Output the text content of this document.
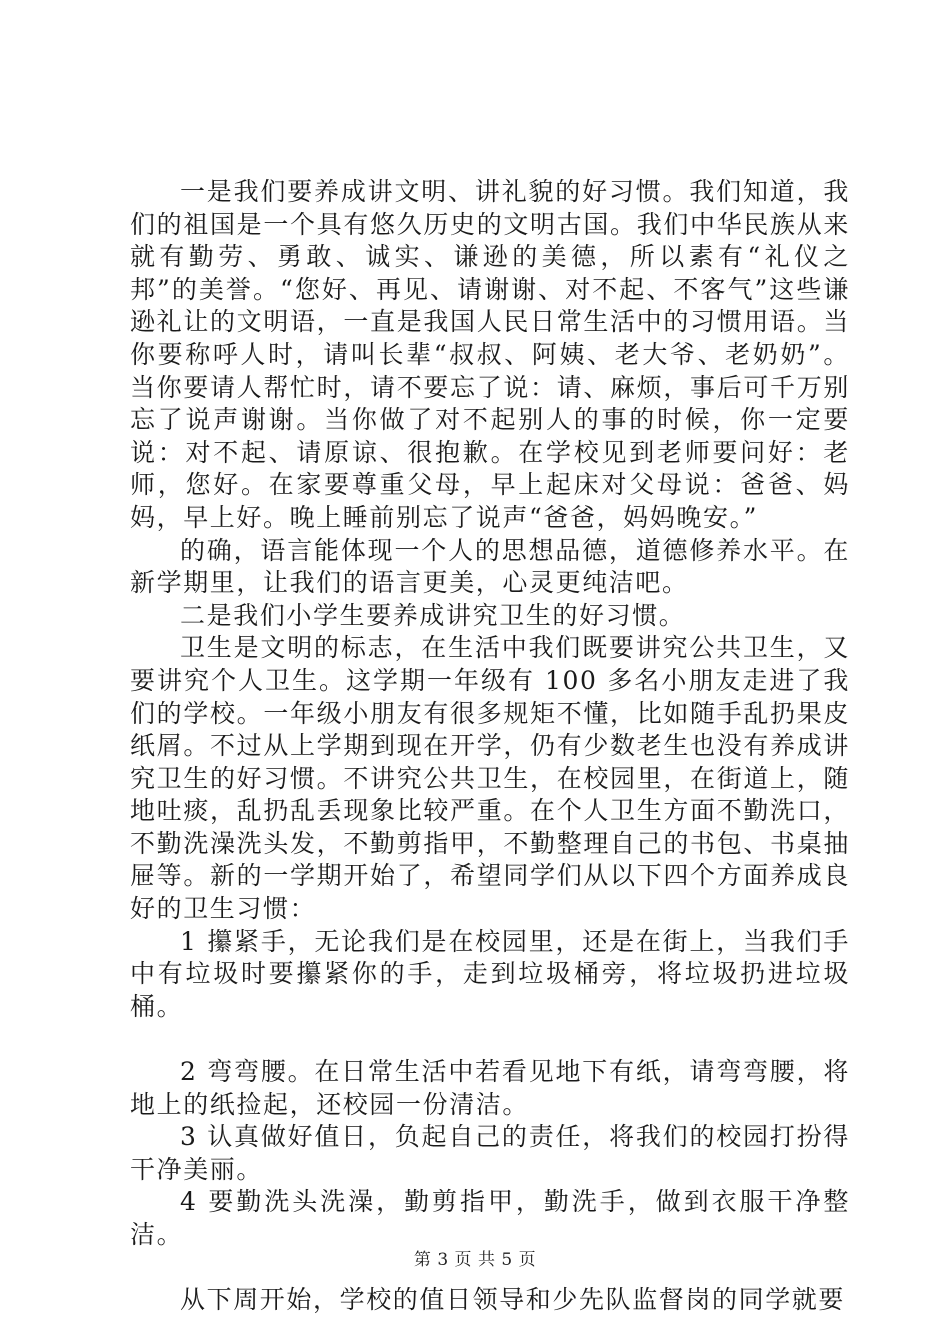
一是我们要养成讲文明、讲礼貌的好习惯。我们知道，我们的祖国是一个具有悠久历史的文明古国。我们中华民族从来就有勤劳、勇敢、诚实、谦逊的美德，所以素有“礼仪之邦”的美誉。“您好、再见、请谢谢、对不起、不客气”这些谦逊礼让的文明语，一直是我国人民日常生活中的习惯用语。当你要称呼人时，请叫长辈“叔叔、阿姨、老大爷、老奶奶”。当你要请人帮忙时，请不要忘了说：请、麻烦，事后可千万别忘了说声谢谢。当你做了对不起别人的事的时候，你一定要说：对不起、请原谅、很抱歉。在学校见到老师要问好：老师，您好。在家要尊重父母，早上起床对父母说：爸爸、妈妈，早上好。晚上睡前别忘了说声“爸爸，妈妈晚安。”

的确，语言能体现一个人的思想品德，道德修养水平。在新学期里，让我们的语言更美，心灵更纯洁吧。

二是我们小学生要养成讲究卫生的好习惯。

卫生是文明的标志，在生活中我们既要讲究公共卫生，又要讲究个人卫生。这学期一年级有 100 多名小朋友走进了我们的学校。一年级小朋友有很多规矩不懂，比如随手乱扔果皮纸屑。不过从上学期到现在开学，仍有少数老生也没有养成讲究卫生的好习惯。不讲究公共卫生，在校园里，在街道上，随地吐痰，乱扔乱丢现象比较严重。在个人卫生方面不勤洗口，不勤洗澡洗头发，不勤剪指甲，不勤整理自己的书包、书桌抽屉等。新的一学期开始了，希望同学们从以下四个方面养成良好的卫生习惯：

1 攥紧手，无论我们是在校园里，还是在街上，当我们手中有垃圾时要攥紧你的手，走到垃圾桶旁，将垃圾扔进垃圾桶。

2 弯弯腰。在日常生活中若看见地下有纸，请弯弯腰，将地上的纸捡起，还校园一份清洁。

3 认真做好值日，负起自己的责任，将我们的校园打扮得干净美丽。

4 要勤洗头洗澡，勤剪指甲，勤洗手，做到衣服干净整洁。

从下周开始，学校的值日领导和少先队监督岗的同学就要

第 3 页 共 5 页
